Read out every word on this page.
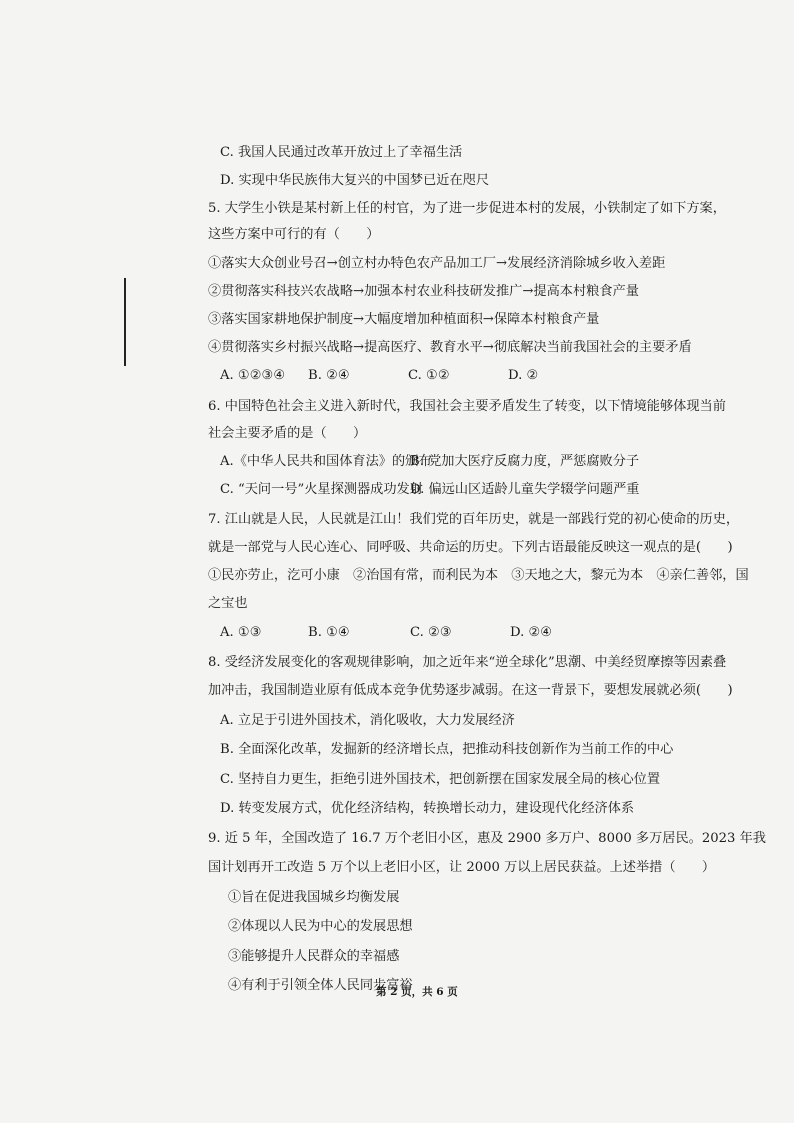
C. 我国人民通过改革开放过上了幸福生活
D. 实现中华民族伟大复兴的中国梦已近在咫尺
5. 大学生小铁是某村新上任的村官，为了进一步促进本村的发展，小铁制定了如下方案，
这些方案中可行的有（　　）
①落实大众创业号召→创立村办特色农产品加工厂→发展经济消除城乡收入差距
②贯彻落实科技兴农战略→加强本村农业科技研发推广→提高本村粮食产量
③落实国家耕地保护制度→大幅度增加种植面积→保障本村粮食产量
④贯彻落实乡村振兴战略→提高医疗、教育水平→彻底解决当前我国社会的主要矛盾
A. ①②③④ B. ②④	C. ①②	D. ②
6. 中国特色社会主义进入新时代，我国社会主要矛盾发生了转变，以下情境能够体现当前
社会主要矛盾的是（　　）
A.《中华人民共和国体育法》的颁布
B. 党加大医疗反腐力度，严惩腐败分子
C. “天问一号”火星探测器成功发射
D. 偏远山区适龄儿童失学辍学问题严重
7. 江山就是人民，人民就是江山！我们党的百年历史，就是一部践行党的初心使命的历史，
就是一部党与人民心连心、同呼吸、共命运的历史。下列古语最能反映这一观点的是(　　)
①民亦劳止，汔可小康　②治国有常，而利民为本　③天地之大，黎元为本　④亲仁善邻，国
之宝也
A. ①③	B. ①④	C. ②③	D. ②④
8. 受经济发展变化的客观规律影响，加之近年来“逆全球化”思潮、中美经贸摩擦等因素叠
加冲击，我国制造业原有低成本竞争优势逐步减弱。在这一背景下，要想发展就必须(　　)
A. 立足于引进外国技术，消化吸收，大力发展经济
B. 全面深化改革，发掘新的经济增长点，把推动科技创新作为当前工作的中心
C. 坚持自力更生，拒绝引进外国技术，把创新摆在国家发展全局的核心位置
D. 转变发展方式，优化经济结构，转换增长动力，建设现代化经济体系
9. 近 5 年，全国改造了 16.7 万个老旧小区，惠及 2900 多万户、8000 多万居民。2023 年我
国计划再开工改造 5 万个以上老旧小区，让 2000 万以上居民获益。上述举措（　　）
①旨在促进我国城乡均衡发展
②体现以人民为中心的发展思想
③能够提升人民群众的幸福感
④有利于引领全体人民同步富裕
第 2 页，共 6 页
